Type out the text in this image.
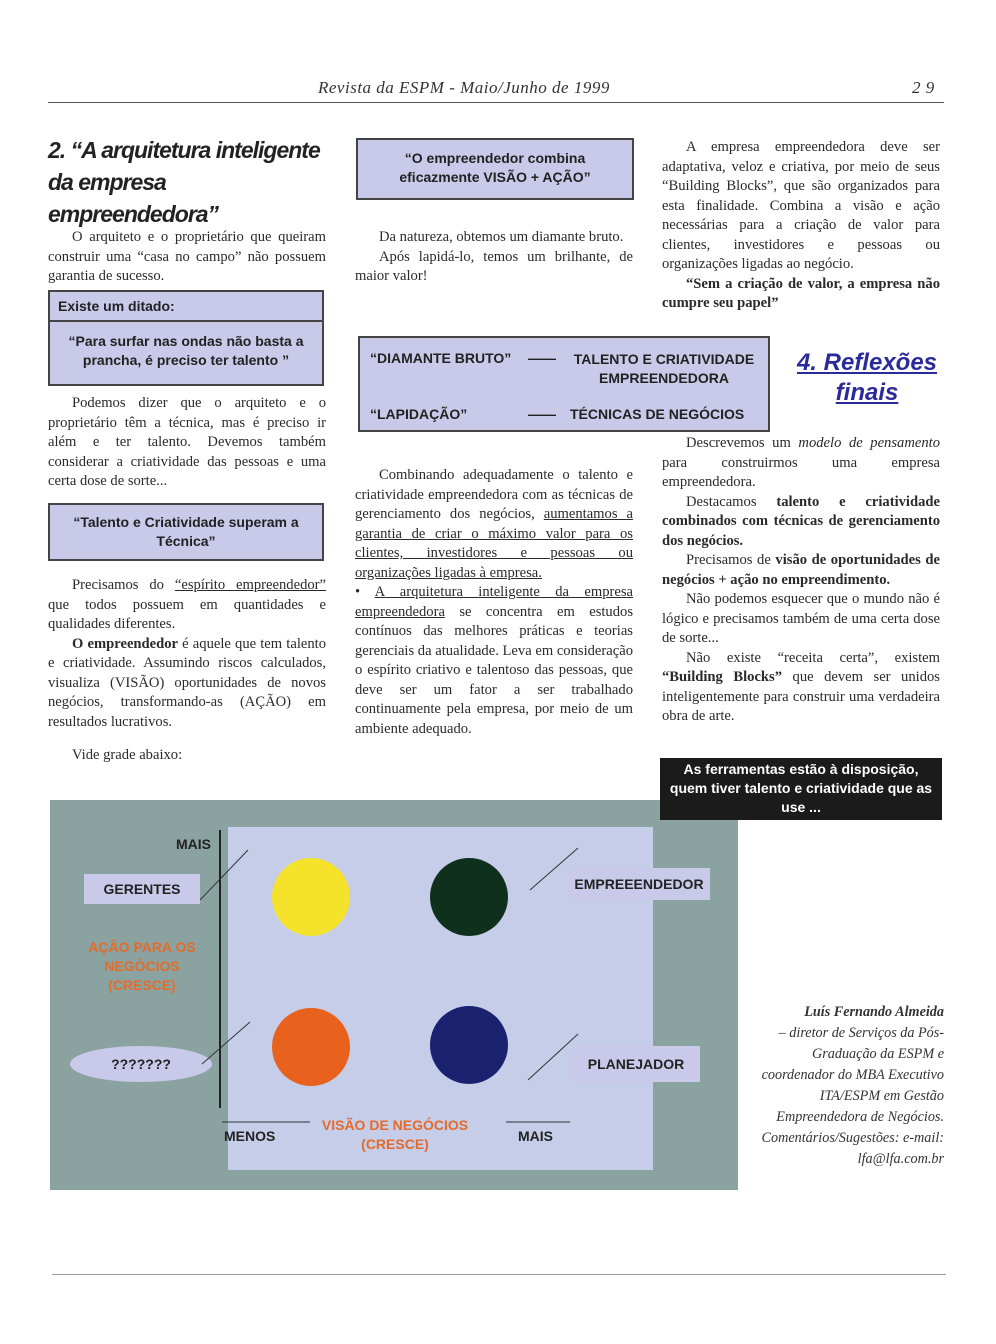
Revista da ESPM - Maio/Junho de 1999	2 9
2. “A arquitetura inteligente da empresa empreendedora”

O arquiteto e o proprietário que queiram construir uma “casa no campo” não possuem garantia de sucesso.

Existe um ditado:
“Para surfar nas ondas não basta a prancha, é preciso ter talento ”

Podemos dizer que o arquiteto e o proprietário têm a técnica, mas é preciso ir além e ter talento. Devemos também considerar a criatividade das pessoas e uma certa dose de sorte...

“Talento e Criatividade superam a Técnica”

Precisamos do “espírito empreendedor” que todos possuem em quantidades e qualidades diferentes.

O empreendedor é aquele que tem talento e criatividade. Assumindo riscos calculados, visualiza (VISÃO) oportunidades de novos negócios, transformando-as (AÇÃO) em resultados lucrativos.

Vide grade abaixo:

“O empreendedor combina eficazmente VISÃO + AÇÃO”

Da natureza, obtemos um diamante bruto.

Após lapidá-lo, temos um brilhante, de maior valor!

“DIAMANTE BRUTO” ——	TALENTO E CRIATIVIDADE EMPREENDEDORA
“LAPIDAÇÃO”	—— TÉCNICAS DE NEGÓCIOS

Combinando adequadamente o talento e criatividade empreendedora com as técnicas de gerenciamento dos negócios, aumentamos a garantia de criar o máximo valor para os clientes, investidores e pessoas ou organizações ligadas à empresa.

• A arquitetura inteligente da empresa empreendedora se concentra em estudos contínuos das melhores práticas e teorias gerenciais da atualidade. Leva em consideração o espírito criativo e talentoso das pessoas, que deve ser um fator a ser trabalhado continuamente pela empresa, por meio de um ambiente adequado.

A empresa empreendedora deve ser adaptativa, veloz e criativa, por meio de seus “Building Blocks”, que são organizados para esta finalidade. Combina a visão e ação necessárias para a criação de valor para clientes, investidores e pessoas ou organizações ligadas ao negócio.

“Sem a criação de valor, a empresa não cumpre seu papel”

4. Reflexões finais

Descrevemos um modelo de pensamento para construirmos uma empresa empreendedora.

Destacamos talento e criatividade combinados com técnicas de gerenciamento dos negócios.

Precisamos de visão de oportunidades de negócios + ação no empreendimento.

Não podemos esquecer que o mundo não é lógico e precisamos também de uma certa dose de sorte...

Não existe “receita certa”, existem “Building Blocks” que devem ser unidos inteligentemente para construir uma verdadeira obra de arte.

MAIS
GERENTES
AÇÃO PARA OS NEGÓCIOS (CRESCE)
???????
EMPREEENDEDOR
PLANEJADOR
MENOS
VISÃO DE NEGÓCIOS (CRESCE)	MAIS
As ferramentas estão à disposição, quem tiver talento e criatividade que as use ...
Luís Fernando Almeida
– diretor de Serviços da Pós-Graduação da ESPM e coordenador do MBA Executivo ITA/ESPM em Gestão Empreendedora de Negócios.
Comentários/Sugestões: e-mail: lfa@lfa.com.br
